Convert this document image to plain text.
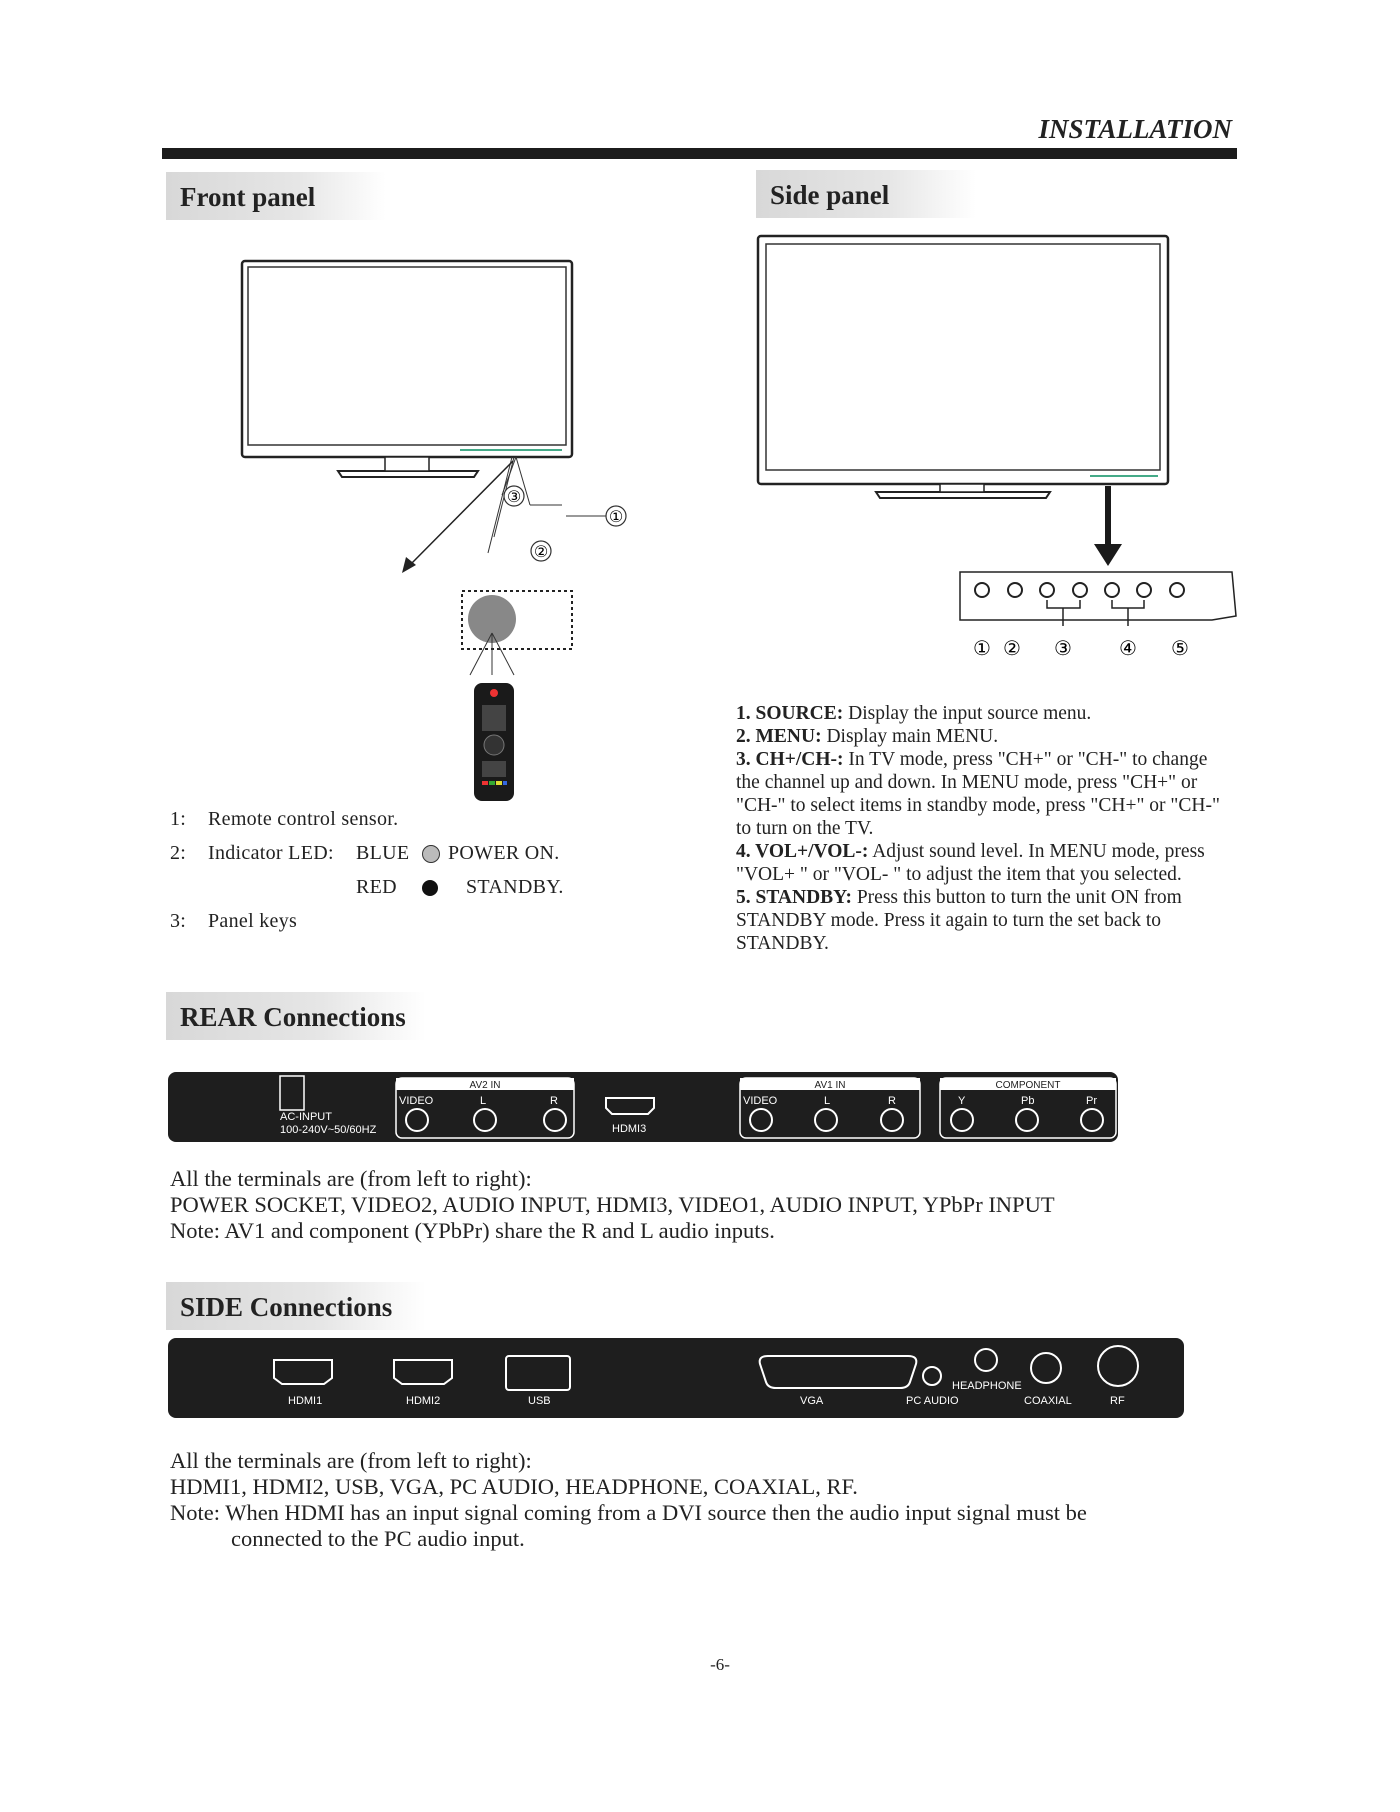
INSTALLATION
Front panel
③
②
①
1: Remote control sensor.
2: Indicator LED: BLUE POWER ON.
RED	STANDBY.
3: Panel keys
Side panel
① ② ③ ④ ⑤

1. SOURCE: Display the input source menu.

2. MENU: Display main MENU.

3. CH+/CH-: In TV mode, press "CH+" or "CH-" to change the channel up and down. In MENU mode, press "CH+" or "CH-" to select items in standby mode, press "CH+" or "CH-" to turn on the TV.

4. VOL+/VOL-: Adjust sound level. In MENU mode, press "VOL+ " or "VOL- " to adjust the item that you selected.

5. STANDBY: Press this button to turn the unit ON from STANDBY mode. Press it again to turn the set back to STANDBY.

REAR Connections
AC-INPUT
100-240V~50/60HZ
AV2 IN
VIDEO	L	R
HDMI3
AV1 IN
VIDEO	L	R
COMPONENT
Y	Pb	Pr
All the terminals are (from left to right):
POWER SOCKET, VIDEO2, AUDIO INPUT, HDMI3, VIDEO1, AUDIO INPUT, YPbPr INPUT
Note: AV1 and component (YPbPr) share the R and L audio inputs.
SIDE Connections
HDMI1	HDMI2	USB	VGA	PC AUDIO
HEADPHONE
COAXIAL	RF
All the terminals are (from left to right):
HDMI1, HDMI2, USB, VGA, PC AUDIO, HEADPHONE, COAXIAL, RF.
Note: When HDMI has an input signal coming from a DVI source then the audio input signal must be
connected to the PC audio input.
-6-
